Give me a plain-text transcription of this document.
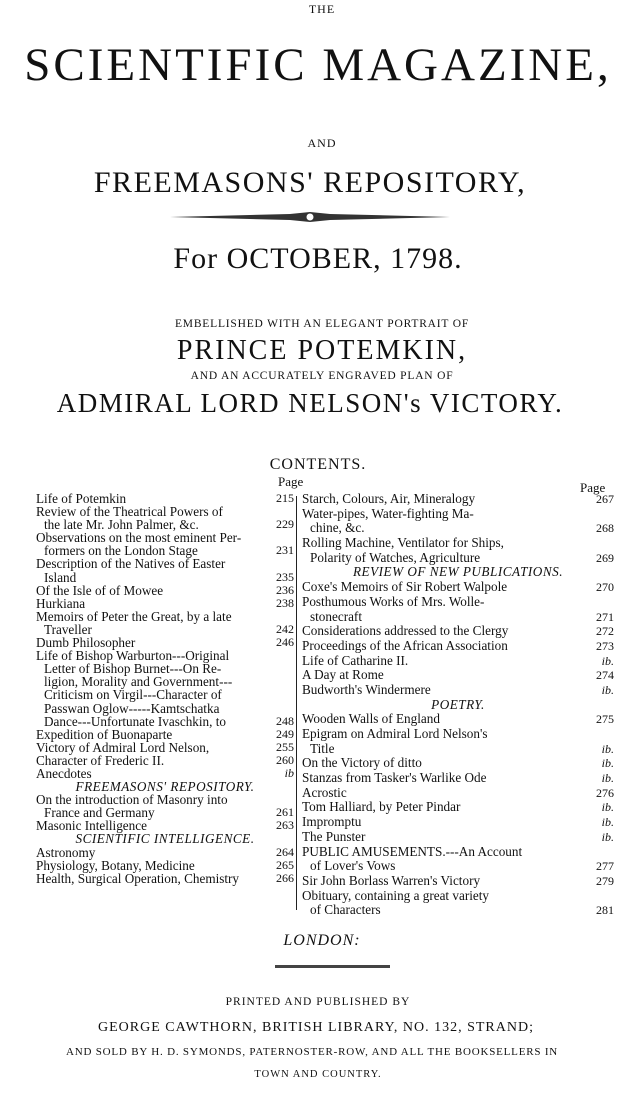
THE
SCIENTIFIC MAGAZINE,
AND
FREEMASONS' REPOSITORY,
For OCTOBER, 1798.
EMBELLISHED WITH AN ELEGANT PORTRAIT OF
PRINCE POTEMKIN,
AND AN ACCURATELY ENGRAVED PLAN OF
ADMIRAL LORD NELSON's VICTORY.
CONTENTS.
Page	Page
Life of Potemkin	215
Review of the Theatrical Powers of
the late Mr. John Palmer, &c.	229
Observations on the most eminent Per-
formers on the London Stage	231
Description of the Natives of Easter
Island	235
Of the Isle of of Mowee	236
Hurkiana	238
Memoirs of Peter the Great, by a late
Traveller	242
Dumb Philosopher	246
Life of Bishop Warburton---Original
Letter of Bishop Burnet---On Re-
ligion, Morality and Government---
Criticism on Virgil---Character of
Passwan Oglow-----Kamtschatka
Dance---Unfortunate Ivaschkin, to	248
Expedition of Buonaparte	249
Victory of Admiral Lord Nelson,	255
Character of Frederic II.	260
Anecdotes	ib
FREEMASONS' REPOSITORY.
On the introduction of Masonry into
France and Germany	261
Masonic Intelligence	263
SCIENTIFIC INTELLIGENCE.
Astronomy	264
Physiology, Botany, Medicine	265
Health, Surgical Operation, Chemistry	266
Starch, Colours, Air, Mineralogy	267
Water-pipes, Water-fighting Ma-
chine, &c.	268
Rolling Machine, Ventilator for Ships,
Polarity of Watches, Agriculture	269
REVIEW OF NEW PUBLICATIONS.
Coxe's Memoirs of Sir Robert Walpole	270
Posthumous Works of Mrs. Wolle-
stonecraft	271
Considerations addressed to the Clergy	272
Proceedings of the African Association	273
Life of Catharine II.	ib.
A Day at Rome	274
Budworth's Windermere	ib.
POETRY.
Wooden Walls of England	275
Epigram on Admiral Lord Nelson's
Title	ib.
On the Victory of ditto	ib.
Stanzas from Tasker's Warlike Ode	ib.
Acrostic	276
Tom Halliard, by Peter Pindar	ib.
Impromptu	ib.
The Punster	ib.
PUBLIC AMUSEMENTS.---An Account
of Lover's Vows	277
Sir John Borlass Warren's Victory	279
Obituary, containing a great variety
of Characters	281
LONDON:
PRINTED AND PUBLISHED BY
GEORGE CAWTHORN, BRITISH LIBRARY, NO. 132, STRAND;
AND SOLD BY H. D. SYMONDS, PATERNOSTER-ROW, AND ALL THE BOOKSELLERS IN
TOWN AND COUNTRY.
